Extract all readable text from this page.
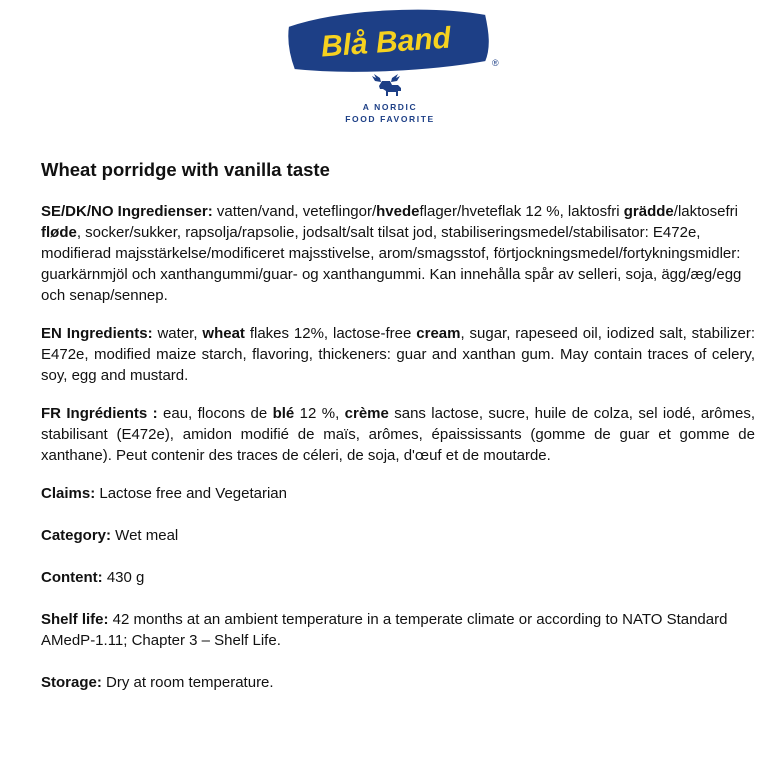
Blå Band	®
A NORDIC
FOOD FAVORITE
Wheat porridge with vanilla taste

SE/DK/NO Ingredienser: vatten/vand, veteflingor/hvedeflager/hveteflak 12 %, laktosfri grädde/laktosefri fløde, socker/sukker, rapsolja/rapsolie, jodsalt/salt tilsat jod, stabiliseringsmedel/stabilisator: E472e, modifierad majsstärkelse/modificeret majsstivelse, arom/smagsstof, förtjockningsmedel/fortykningsmidler: guarkärnmjöl och xanthangummi/guar- og xanthangummi. Kan innehålla spår av selleri, soja, ägg/æg/egg och senap/sennep.

EN Ingredients: water, wheat flakes 12%, lactose-free cream, sugar, rapeseed oil, iodized salt, stabilizer: E472e, modified maize starch, flavoring, thickeners: guar and xanthan gum. May contain traces of celery, soy, egg and mustard.

FR Ingrédients : eau, flocons de blé 12 %, crème sans lactose, sucre, huile de colza, sel iodé, arômes, stabilisant (E472e), amidon modifié de maïs, arômes, épaississants (gomme de guar et gomme de xanthane). Peut contenir des traces de céleri, de soja, d'œuf et de moutarde.

Claims: Lactose free and Vegetarian
Category: Wet meal
Content: 430 g
Shelf life: 42 months at an ambient temperature in a temperate climate or according to NATO Standard AMedP-1.11; Chapter 3 – Shelf Life.
Storage: Dry at room temperature.
